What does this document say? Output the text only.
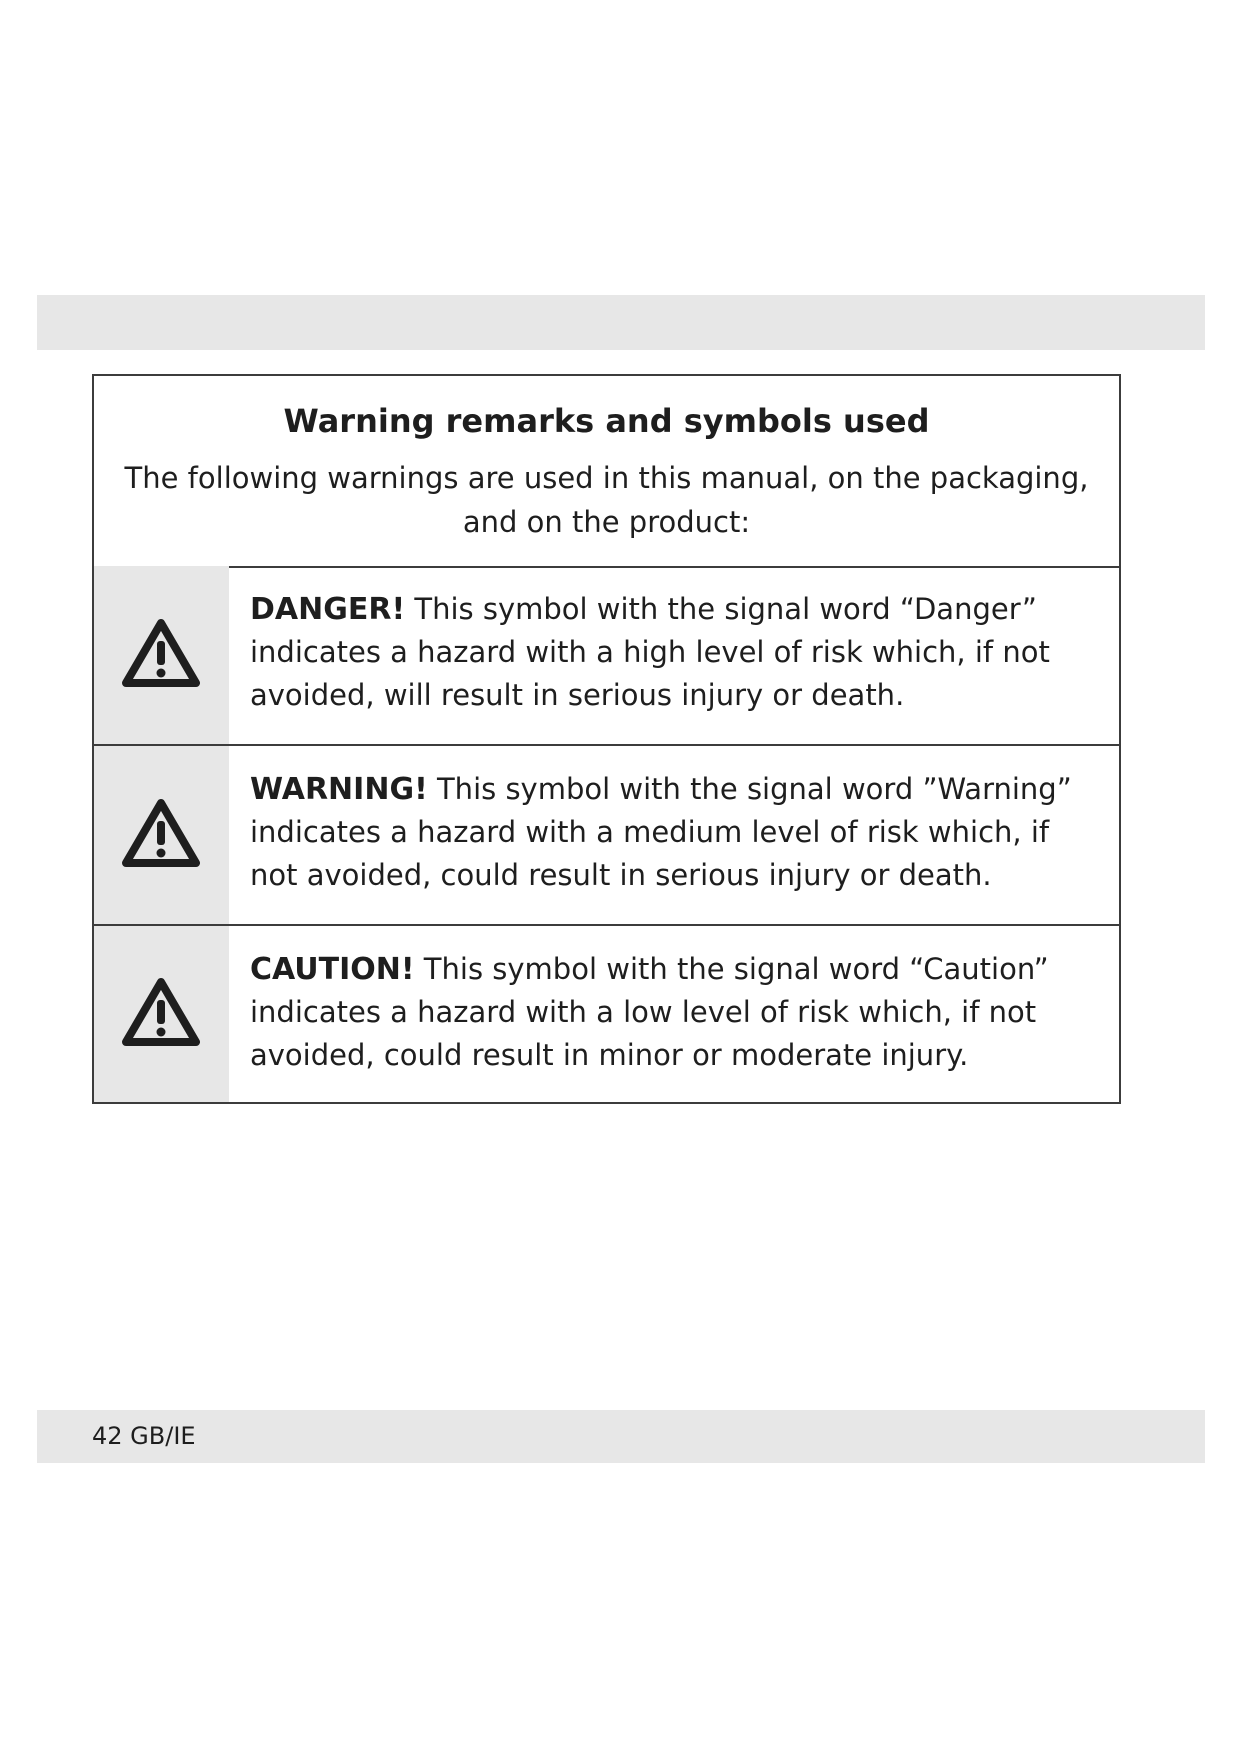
Warning remarks and symbols used
The following warnings are used in this manual, on the packaging, and on the product:
DANGER! This symbol with the signal word “Danger” indicates a hazard with a high level of risk which, if not avoided, will result in serious injury or death.
WARNING! This symbol with the signal word ”Warning” indicates a hazard with a medium level of risk which, if not avoided, could result in serious injury or death.
CAUTION! This symbol with the signal word “Caution” indicates a hazard with a low level of risk which, if not avoided, could result in minor or moderate injury.
42 GB/IE
